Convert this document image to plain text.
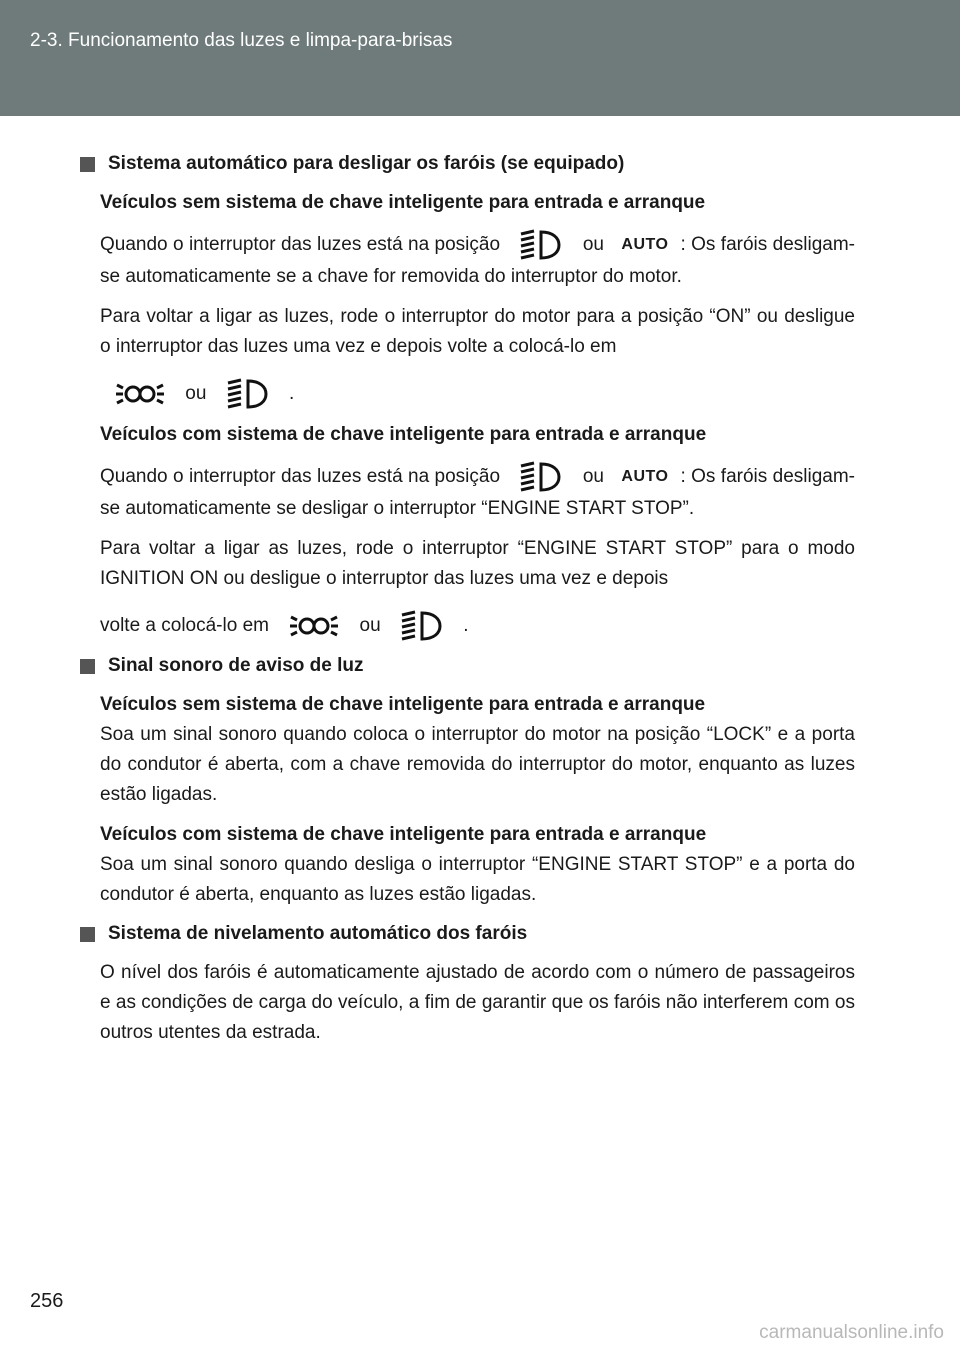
2-3. Funcionamento das luzes e limpa-para-brisas
Sistema automático para desligar os faróis (se equipado)
Veículos sem sistema de chave inteligente para entrada e arranque

Quando o interruptor das luzes está na posição	ou AUTO : Os faróis desligam-se automaticamente se a chave for removida do interruptor do motor.

Para voltar a ligar as luzes, rode o interruptor do motor para a posição “ON” ou desligue o interruptor das luzes uma vez e depois volte a colocá-lo em

ou	.
Veículos com sistema de chave inteligente para entrada e arranque

Quando o interruptor das luzes está na posição	ou AUTO : Os faróis desligam-se automaticamente se desligar o interruptor “ENGINE START STOP”.

Para voltar a ligar as luzes, rode o interruptor “ENGINE START STOP” para o modo IGNITION ON ou desligue o interruptor das luzes uma vez e depois

volte a colocá-lo em	ou	.
Sinal sonoro de aviso de luz
Veículos sem sistema de chave inteligente para entrada e arranque

Soa um sinal sonoro quando coloca o interruptor do motor na posição “LOCK” e a porta do condutor é aberta, com a chave removida do interruptor do motor, enquanto as luzes estão ligadas.

Veículos com sistema de chave inteligente para entrada e arranque

Soa um sinal sonoro quando desliga o interruptor “ENGINE START STOP” e a porta do condutor é aberta, enquanto as luzes estão ligadas.

Sistema de nivelamento automático dos faróis

O nível dos faróis é automaticamente ajustado de acordo com o número de passageiros e as condições de carga do veículo, a fim de garantir que os faróis não interferem com os outros utentes da estrada.

256
carmanualsonline.info
